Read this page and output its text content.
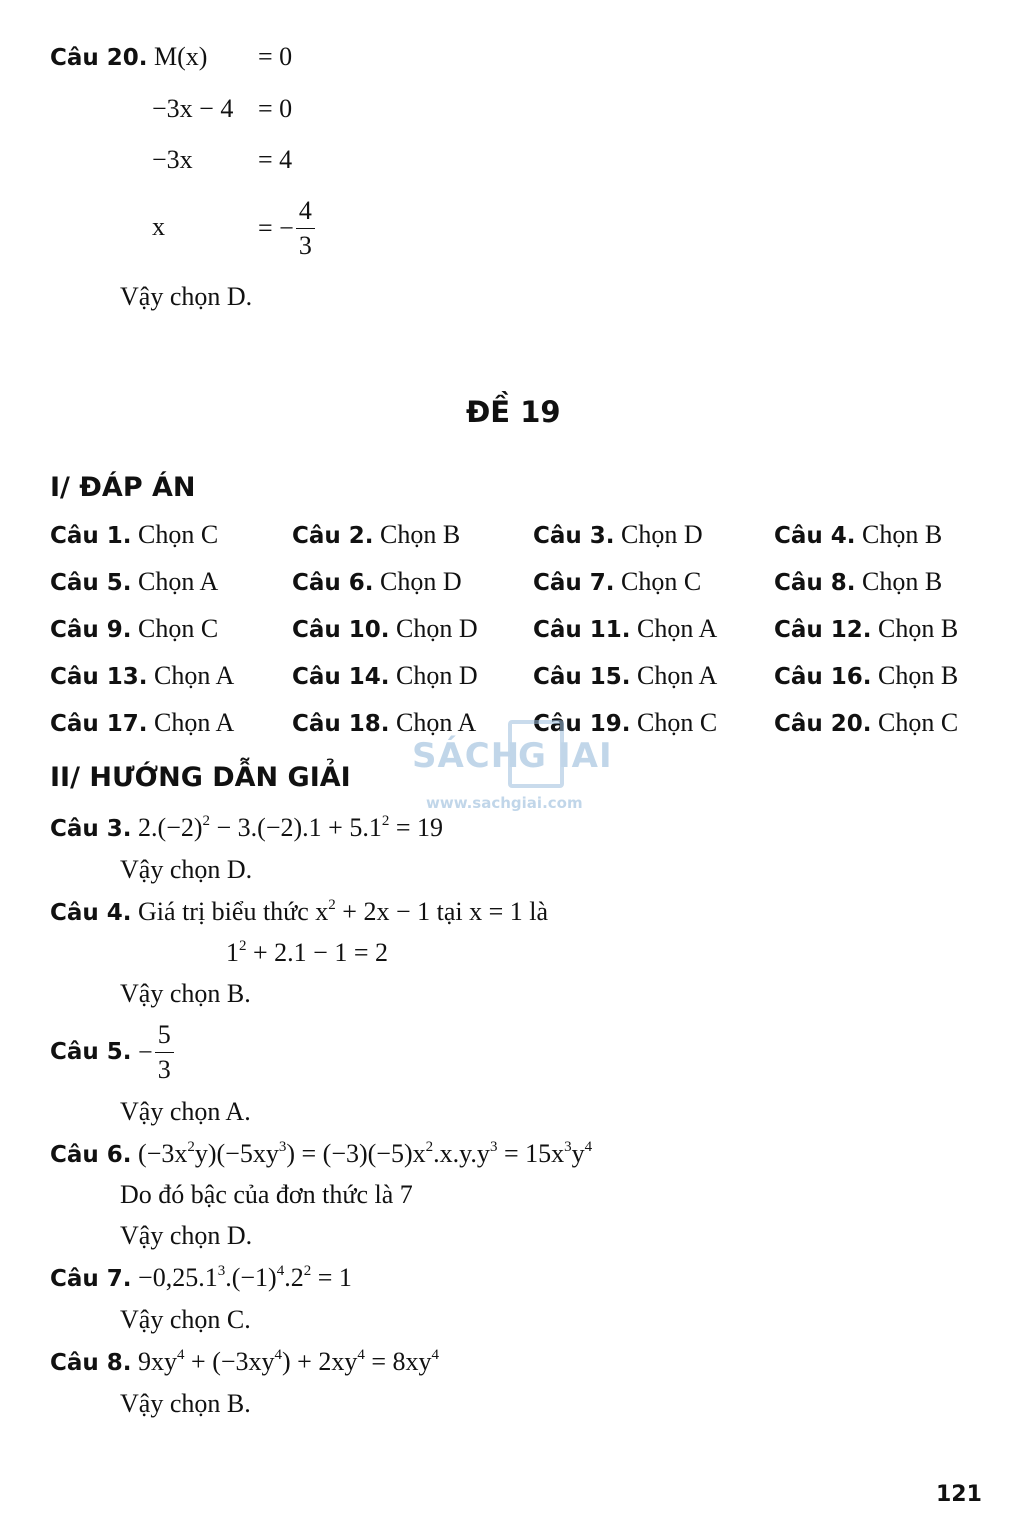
Câu 20. M(x) = 0
−3x − 4 = 0
−3x	= 4
x	= − $\frac{4}{3}$
Vậy chọn D.
ĐỀ 19
I/ ĐÁP ÁN
Câu 1. Chọn C	Câu 2. Chọn B	Câu 3. Chọn D	Câu 4. Chọn B
Câu 5. Chọn A	Câu 6. Chọn D	Câu 7. Chọn C	Câu 8. Chọn B
Câu 9. Chọn C	Câu 10. Chọn D Câu 11. Chọn A Câu 12. Chọn B
Câu 13. Chọn A	Câu 14. Chọn D Câu 15. Chọn A Câu 16. Chọn B
Câu 17. Chọn A	Câu 18. Chọn A Câu 19. Chọn C Câu 20. Chọn C
SÁCH
G IAI
www.sachgiai.com
II/ HƯỚNG DẪN GIẢI
Câu 3. $2.(-2)^2 - 3.(-2).1 + 5.1^2 = 19$
Vậy chọn D.
Câu 4. Giá trị biểu thức $x^2 + 2x - 1$ tại x = 1 là
$1^2 + 2.1 - 1 = 2$
Vậy chọn B.
Câu 5. − $\frac{5}{3}$
Vậy chọn A.
Câu 6. $(-3x^2y)(-5xy^3) = (-3)(-5)x^2.x.y.y^3 = 15x^3y^4$
Do đó bậc của đơn thức là 7
Vậy chọn D.
Câu 7. $-0,25.1^3.(-1)^4.2^2 = 1$
Vậy chọn C.
Câu 8. $9xy^4 + (-3xy^4) + 2xy^4 = 8xy^4$
Vậy chọn B.
121
